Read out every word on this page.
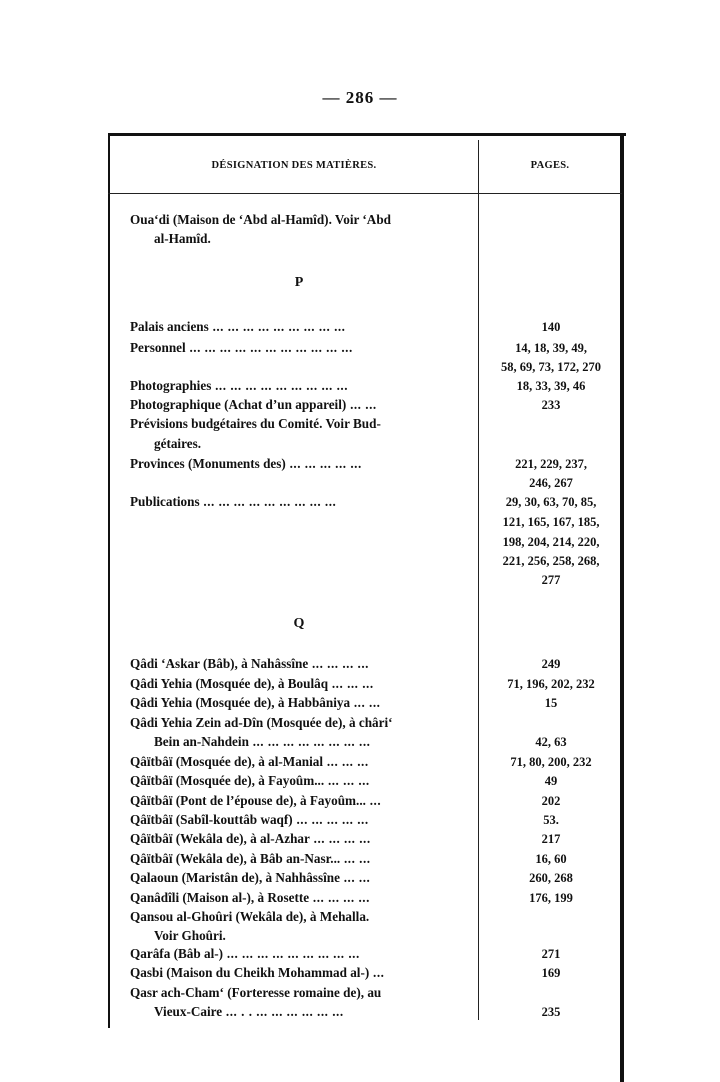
— 286 —
DÉSIGNATION DES MATIÈRES.	PAGES.
Oua‘di (Maison de ‘Abd al-Hamîd). Voir ‘Abd
al-Hamîd.
P
Palais anciens ... ... ... ... ... ... ... ... ...
Personnel ... ... ... ... ... ... ... ... ... ... ...
Photographies ... ... ... ... ... ... ... ... ...
Photographique (Achat d’un appareil) ... ...
Prévisions budgétaires du Comité. Voir Bud-
gétaires.
Provinces (Monuments des) ... ... ... ... ...
Publications ... ... ... ... ... ... ... ... ...
Q
Qâdi ‘Askar (Bâb), à Nahâssîne ... ... ... ...
Qâdi Yehia (Mosquée de), à Boulâq ... ... ...
Qâdi Yehia (Mosquée de), à Habbâniya ... ...
Qâdi Yehia Zein ad-Dîn (Mosquée de), à châri‘
Bein an-Nahdein ... ... ... ... ... ... ... ...
Qâïtbâï (Mosquée de), à al-Manial ... ... ...
Qâïtbâï (Mosquée de), à Fayoûm... ... ... ...
Qâïtbâï (Pont de l’épouse de), à Fayoûm... ...
Qâïtbâï (Sabîl-kouttâb waqf) ... ... ... ... ...
Qâïtbâï (Wekâla de), à al-Azhar ... ... ... ...
Qâïtbâï (Wekâla de), à Bâb an-Nasr... ... ...
Qalaoun (Maristân de), à Nahhâssîne ... ...
Qanâdîli (Maison al-), à Rosette ... ... ... ...
Qansou al-Ghoûri (Wekâla de), à Mehalla.
Voir Ghoûri.
Qarâfa (Bâb al-) ... ... ... ... ... ... ... ... ...
Qasbi (Maison du Cheikh Mohammad al-) ...
Qasr ach-Cham‘ (Forteresse romaine de), au
Vieux-Caire ... . . ... ... ... ... ... ...
140
14, 18, 39, 49,
58, 69, 73, 172, 270
18, 33, 39, 46
233
221, 229, 237,
246, 267
29, 30, 63, 70, 85,
121, 165, 167, 185,
198, 204, 214, 220,
221, 256, 258, 268,
277
249
71, 196, 202, 232
15
42, 63
71, 80, 200, 232
49
202
53.
217
16, 60
260, 268
176, 199
271
169
235
